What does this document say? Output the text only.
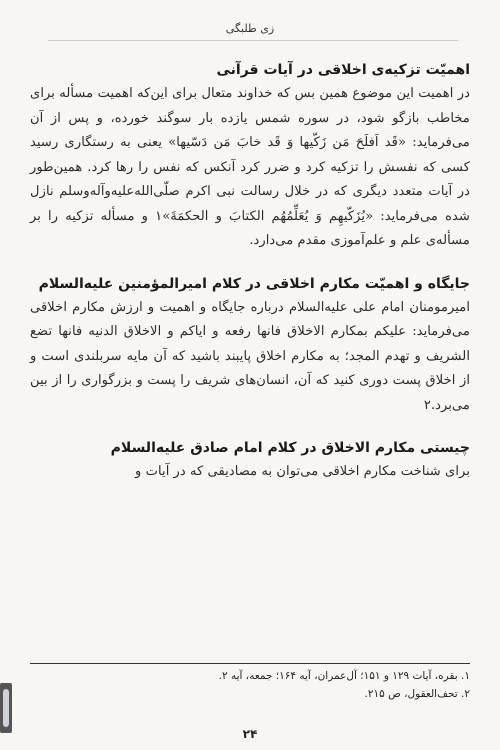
زی طلبگی
اهمیّت تزکیه‌ی اخلاقی در آیات قرآنی

در اهمیت این موضوع همین بس که خداوند متعال برای این‌که اهمیت مسأله برای مخاطب بازگو شود، در سوره شمس یازده بار سوگند خورده، و پس از آن می‌فرماید: «قَد اَفلَحَ مَن زَکّیها وَ قَد خابَ مَن دَسّیها» یعنی به رستگاری رسید کسی که نفسش را تزکیه کرد و ضرر کرد آنکس که نفس را رها کرد. همین‌طور در آیات متعدد دیگری که در خلال رسالت نبی اکرم صلّی‌الله‌علیه‌وآله‌وسلم نازل شده می‌فرماید: «یُزَکّیهِم وَ یُعَلِّمُهُم الکتابَ و الحکمَةَ»۱ و مسأله تزکیه را بر مسأله‌ی علم و علم‌آموزی مقدم می‌دارد.

جایگاه و اهمیّت مکارم اخلاقی در کلام امیرالمؤمنین علیه‌السلام

امیرمومنان امام علی علیه‌السلام درباره جایگاه و اهمیت و ارزش مکارم اخلاقی می‌فرماید: علیکم بمکارم الاخلاق فانها رفعه و ایاکم و الاخلاق الدنیه فانها تضع الشریف و تهدم المجد؛ به مکارم اخلاق پایبند باشید که آن مایه سربلندی است و از اخلاق پست دوری کنید که آن، انسان‌های شریف را پست و بزرگواری را از بین می‌برد.۲

چیستی مکارم الاخلاق در کلام امام صادق علیه‌السلام

برای شناخت مکارم اخلاقی می‌توان به مصادیقی که در آیات و

۱. بقره، آیات ۱۲۹ و ۱۵۱؛ آل‌عمران، آیه ۱۶۴؛ جمعه، آیه ۲.
۲. تحف‌العقول، ص ۲۱۵.
۲۴
